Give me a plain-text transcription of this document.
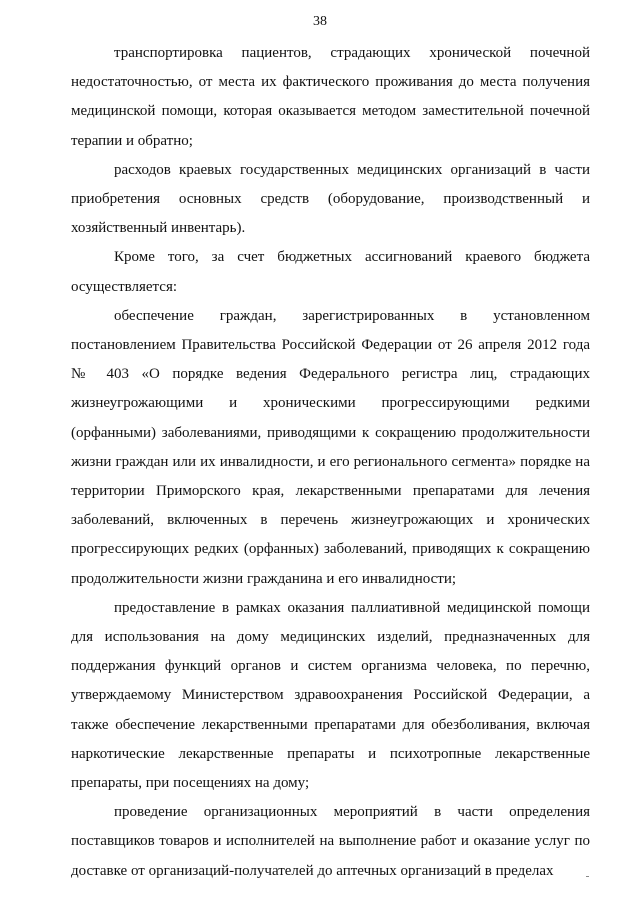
38

транспортировка пациентов, страдающих хронической почечной недостаточностью, от места их фактического проживания до места получения медицинской помощи, которая оказывается методом заместительной почечной терапии и обратно;

расходов краевых государственных медицинских организаций в части приобретения основных средств (оборудование, производственный и хозяйственный инвентарь).

Кроме того, за счет бюджетных ассигнований краевого бюджета осуществляется:

обеспечение граждан, зарегистрированных в установленном постановлением Правительства Российской Федерации от 26 апреля 2012 года № 403 «О порядке ведения Федерального регистра лиц, страдающих жизнеугрожающими и хроническими прогрессирующими редкими (орфанными) заболеваниями, приводящими к сокращению продолжительности жизни граждан или их инвалидности, и его регионального сегмента» порядке на территории Приморского края, лекарственными препаратами для лечения заболеваний, включенных в перечень жизнеугрожающих и хронических прогрессирующих редких (орфанных) заболеваний, приводящих к сокращению продолжительности жизни гражданина и его инвалидности;

предоставление в рамках оказания паллиативной медицинской помощи для использования на дому медицинских изделий, предназначенных для поддержания функций органов и систем организма человека, по перечню, утверждаемому Министерством здравоохранения Российской Федерации, а также обеспечение лекарственными препаратами для обезболивания, включая наркотические лекарственные препараты и психотропные лекарственные препараты, при посещениях на дому;

проведение организационных мероприятий в части определения поставщиков товаров и исполнителей на выполнение работ и оказание услуг по доставке от организаций-получателей до аптечных организаций в пределах
